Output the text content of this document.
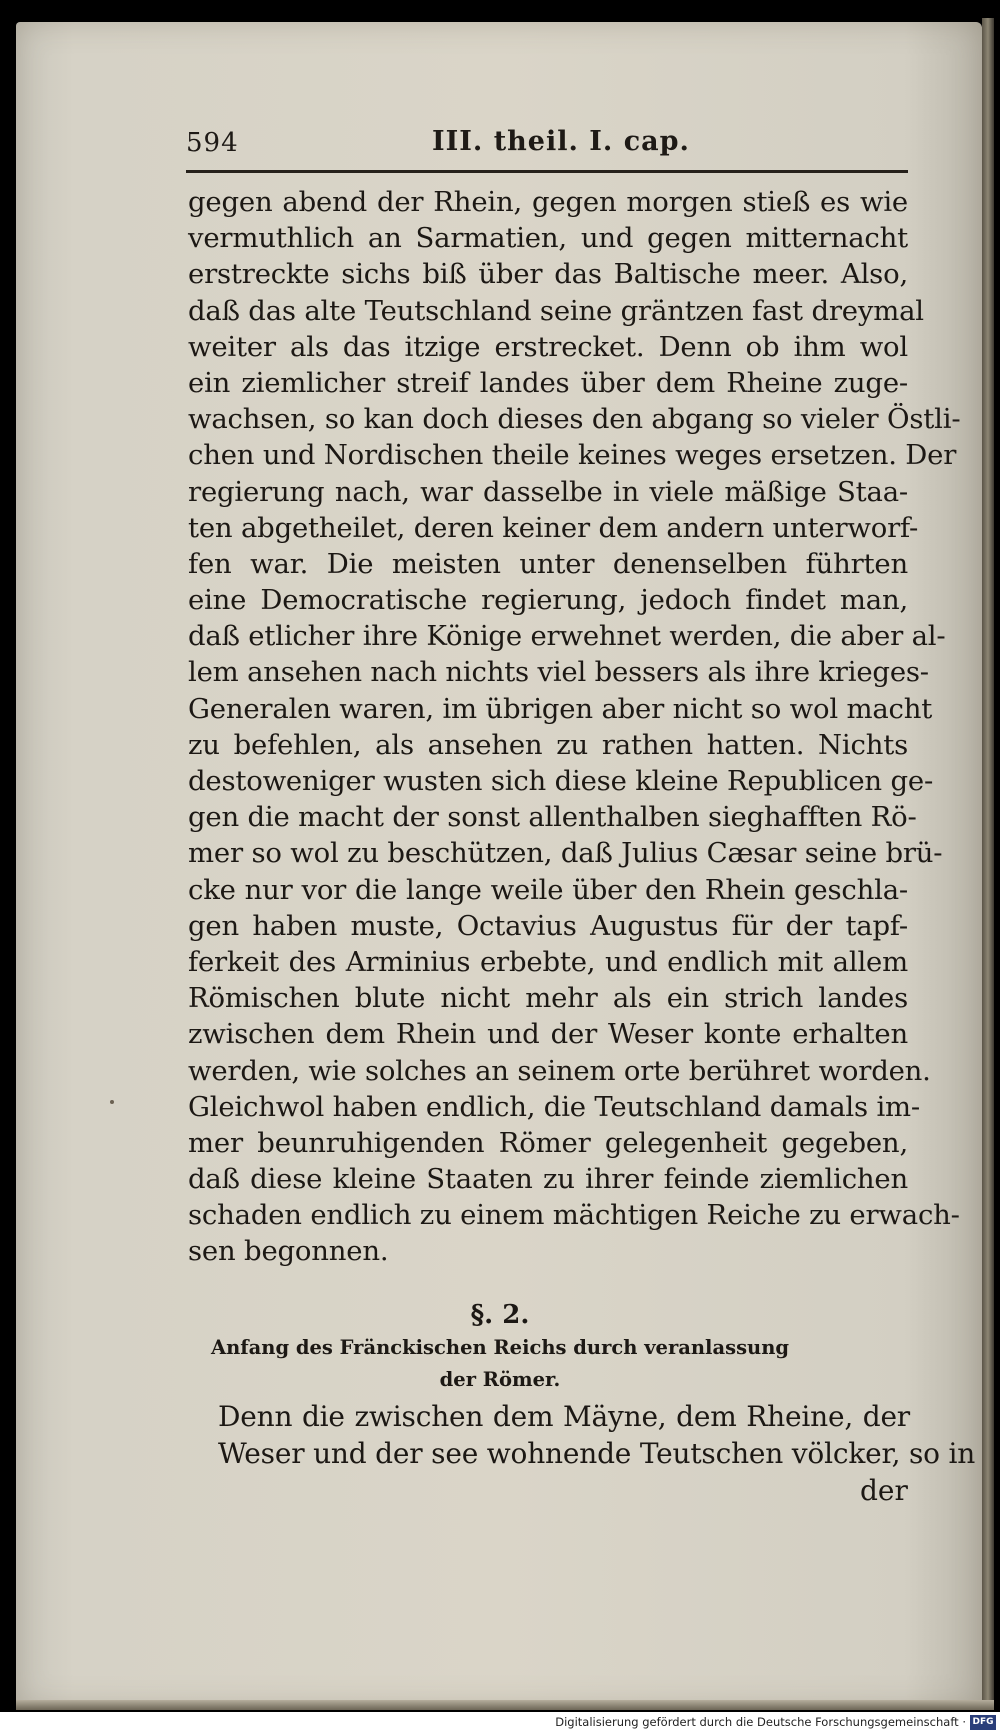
594	III. theil. I. cap.
gegen abend der Rhein, gegen morgen stieß es wie
vermuthlich an Sarmatien, und gegen mitternacht
erstreckte sichs biß über das Baltische meer. Also,
daß das alte Teutschland seine gräntzen fast dreymal
weiter als das itzige erstrecket. Denn ob ihm wol
ein ziemlicher streif landes über dem Rheine zuge-
wachsen, so kan doch dieses den abgang so vieler Östli-
chen und Nordischen theile keines weges ersetzen. Der
regierung nach, war dasselbe in viele mäßige Staa-
ten abgetheilet, deren keiner dem andern unterworf-
fen war. Die meisten unter denenselben führten
eine Democratische regierung, jedoch findet man,
daß etlicher ihre Könige erwehnet werden, die aber al-
lem ansehen nach nichts viel bessers als ihre krieges-
Generalen waren, im übrigen aber nicht so wol macht
zu befehlen, als ansehen zu rathen hatten. Nichts
destoweniger wusten sich diese kleine Republicen ge-
gen die macht der sonst allenthalben sieghafften Rö-
mer so wol zu beschützen, daß Julius Cæsar seine brü-
cke nur vor die lange weile über den Rhein geschla-
gen haben muste, Octavius Augustus für der tapf-
ferkeit des Arminius erbebte, und endlich mit allem
Römischen blute nicht mehr als ein strich landes
zwischen dem Rhein und der Weser konte erhalten
werden, wie solches an seinem orte berühret worden.
Gleichwol haben endlich, die Teutschland damals im-
mer beunruhigenden Römer gelegenheit gegeben,
daß diese kleine Staaten zu ihrer feinde ziemlichen
schaden endlich zu einem mächtigen Reiche zu erwach-
sen begonnen.
§. 2.
Anfang des Fränckischen Reichs durch veranlassung
der Römer.
Denn die zwischen dem Mäyne, dem Rheine, der
Weser und der see wohnende Teutschen völcker, so in
der
Digitalisierung gefördert durch die Deutsche Forschungsgemeinschaft · DFG
